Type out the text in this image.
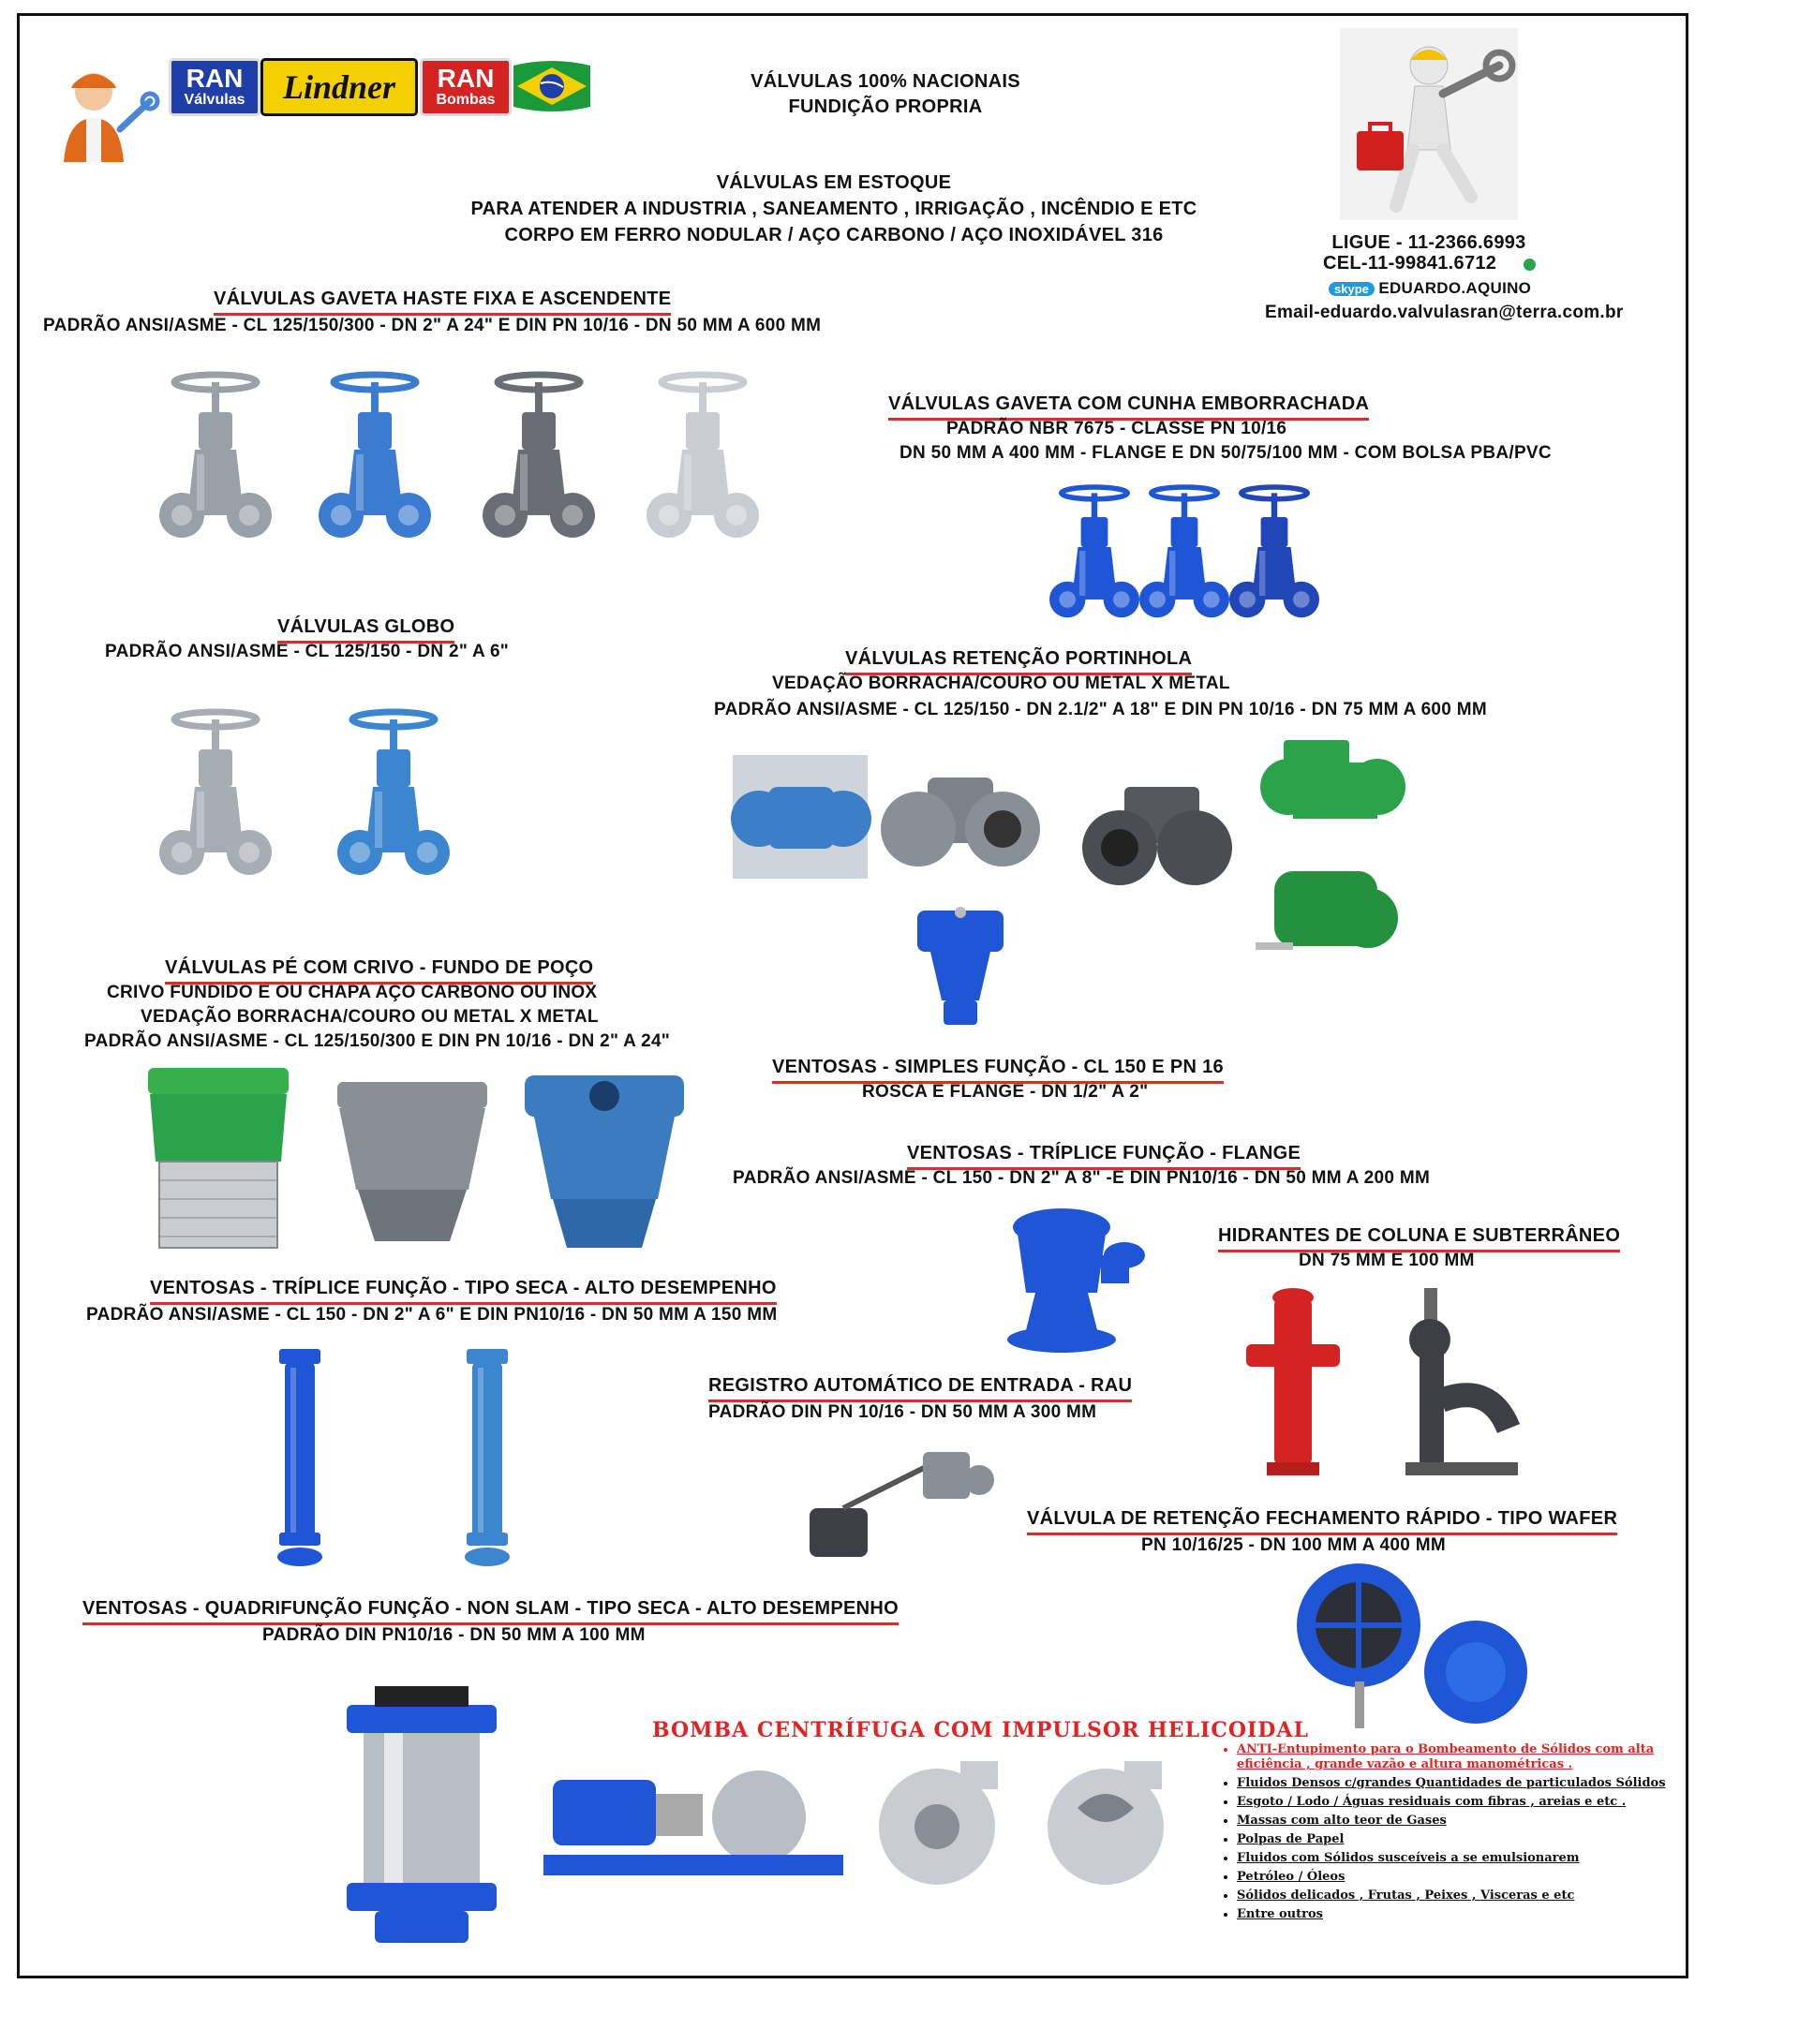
RAN
Válvulas Lindner RAN
Bombas
VÁLVULAS 100% NACIONAIS
FUNDIÇÃO PROPRIA
VÁLVULAS EM ESTOQUE
PARA ATENDER A INDUSTRIA , SANEAMENTO , IRRIGAÇÃO , INCÊNDIO E ETC
CORPO EM FERRO NODULAR / AÇO CARBONO / AÇO INOXIDÁVEL 316	LIGUE - 11-2366.6993
CEL-11-99841.6712
skype EDUARDO.AQUINO
Email-eduardo.valvulasran@terra.com.br
VÁLVULAS GAVETA HASTE FIXA E ASCENDENTE
PADRÃO ANSI/ASME - CL 125/150/300 - DN 2" A 24" E DIN PN 10/16 - DN 50 MM A 600 MM
VÁLVULAS GAVETA COM CUNHA EMBORRACHADA
PADRÃO NBR 7675 - CLASSE PN 10/16
DN 50 MM A 400 MM - FLANGE E DN 50/75/100 MM - COM BOLSA PBA/PVC
VÁLVULAS GLOBO
PADRÃO ANSI/ASME - CL 125/150 - DN 2" A 6"	VÁLVULAS RETENÇÃO PORTINHOLA
VEDAÇÃO BORRACHA/COURO OU METAL X METAL
PADRÃO ANSI/ASME - CL 125/150 - DN 2.1/2" A 18" E DIN PN 10/16 - DN 75 MM A 600 MM
VÁLVULAS PÉ COM CRIVO - FUNDO DE POÇO
CRIVO FUNDIDO E OU CHAPA AÇO CARBONO OU INOX
VEDAÇÃO BORRACHA/COURO OU METAL X METAL
PADRÃO ANSI/ASME - CL 125/150/300 E DIN PN 10/16 - DN 2" A 24"
VENTOSAS - SIMPLES FUNÇÃO - CL 150 E PN 16
ROSCA E FLANGE - DN 1/2" A 2"
VENTOSAS - TRÍPLICE FUNÇÃO - FLANGE
PADRÃO ANSI/ASME - CL 150 - DN 2" A 8" -E DIN PN10/16 - DN 50 MM A 200 MM
HIDRANTES DE COLUNA E SUBTERRÂNEO
DN 75 MM E 100 MM
VENTOSAS - TRÍPLICE FUNÇÃO - TIPO SECA - ALTO DESEMPENHO
PADRÃO ANSI/ASME - CL 150 - DN 2" A 6" E DIN PN10/16 - DN 50 MM A 150 MM
REGISTRO AUTOMÁTICO DE ENTRADA - RAU
PADRÃO DIN PN 10/16 - DN 50 MM A 300 MM
VÁLVULA DE RETENÇÃO FECHAMENTO RÁPIDO - TIPO WAFER
PN 10/16/25 - DN 100 MM A 400 MM
VENTOSAS - QUADRIFUNÇÃO FUNÇÃO - NON SLAM - TIPO SECA - ALTO DESEMPENHO
PADRÃO DIN PN10/16 - DN 50 MM A 100 MM
BOMBA CENTRÍFUGA COM IMPULSOR HELICOIDAL
• ANTI-Entupimento para o Bombeamento de Sólidos com alta eficiência , grande vazão e altura manométricas .
• Fluidos Densos c/grandes Quantidades de particulados Sólidos
• Esgoto / Lodo / Águas residuais com fibras , areias e etc .
• Massas com alto teor de Gases
• Polpas de Papel
• Fluidos com Sólidos susceíveis a se emulsionarem
• Petróleo / Óleos
• Sólidos delicados , Frutas , Peixes , Visceras e etc
• Entre outros
